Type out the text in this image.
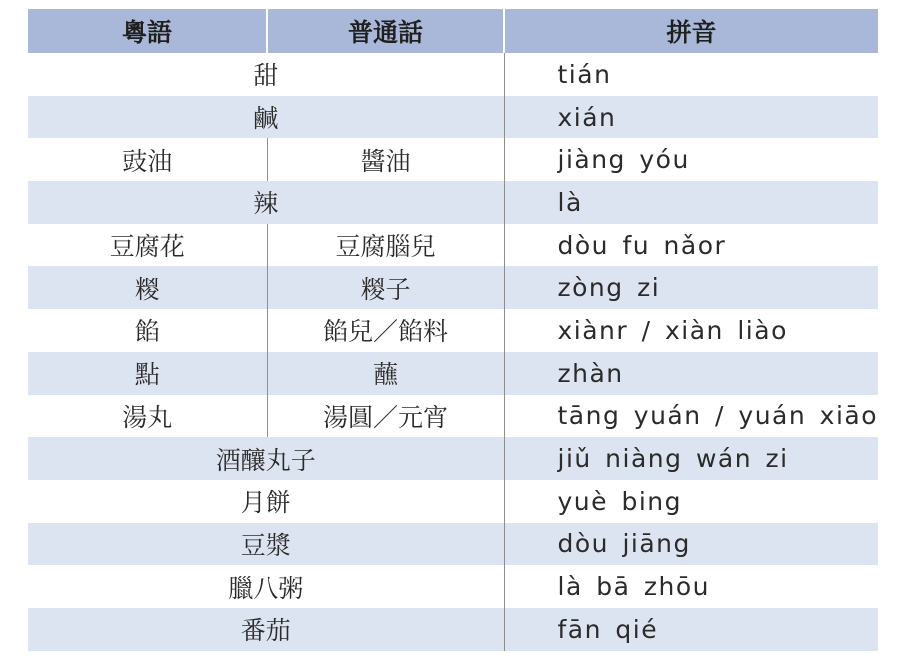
粵語	普通話	拼音
甜		tián
鹹		xián
豉油	醬油	jiàng yóu
辣		là
豆腐花	豆腐腦兒	dòu fu nǎor
糉	糉子	zòng zi
餡	餡兒／餡料	xiànr / xiàn liào
點	蘸	zhàn
湯丸	湯圓／元宵	tāng yuán / yuán xiāo
酒釀丸子		jiǔ niàng wán zi
月餅		yuè bing
豆漿		dòu jiāng
臘八粥		là bā zhōu
番茄		fān qié
